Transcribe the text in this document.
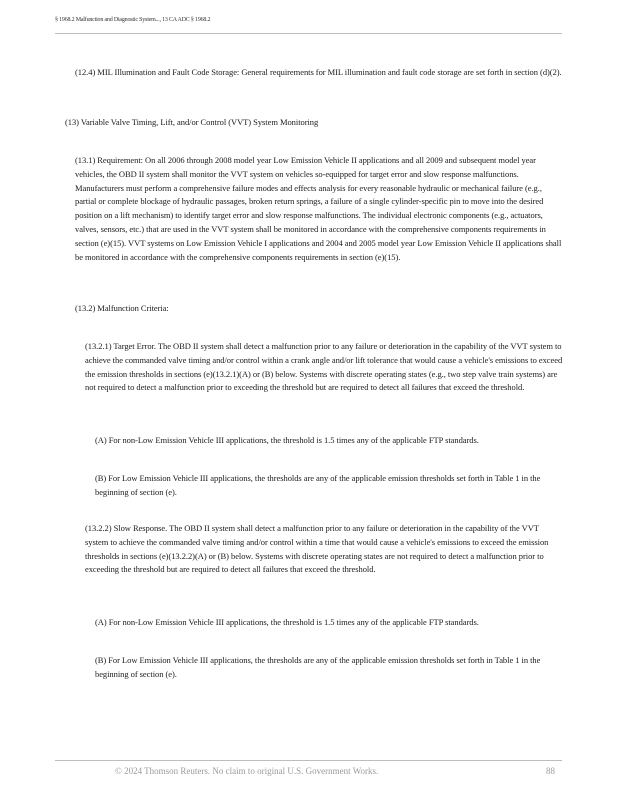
§ 1968.2 Malfunction and Diagnostic System..., 13 CA ADC § 1968.2

(12.4) MIL Illumination and Fault Code Storage: General requirements for MIL illumination and fault code storage are set forth in section (d)(2).

(13) Variable Valve Timing, Lift, and/or Control (VVT) System Monitoring

(13.1) Requirement: On all 2006 through 2008 model year Low Emission Vehicle II applications and all 2009 and subsequent model year vehicles, the OBD II system shall monitor the VVT system on vehicles so-equipped for target error and slow response malfunctions. Manufacturers must perform a comprehensive failure modes and effects analysis for every reasonable hydraulic or mechanical failure (e.g., partial or complete blockage of hydraulic passages, broken return springs, a failure of a single cylinder-specific pin to move into the desired position on a lift mechanism) to identify target error and slow response malfunctions. The individual electronic components (e.g., actuators, valves, sensors, etc.) that are used in the VVT system shall be monitored in accordance with the comprehensive components requirements in section (e)(15). VVT systems on Low Emission Vehicle I applications and 2004 and 2005 model year Low Emission Vehicle II applications shall be monitored in accordance with the comprehensive components requirements in section (e)(15).

(13.2) Malfunction Criteria:

(13.2.1) Target Error. The OBD II system shall detect a malfunction prior to any failure or deterioration in the capability of the VVT system to achieve the commanded valve timing and/or control within a crank angle and/or lift tolerance that would cause a vehicle's emissions to exceed the emission thresholds in sections (e)(13.2.1)(A) or (B) below. Systems with discrete operating states (e.g., two step valve train systems) are not required to detect a malfunction prior to exceeding the threshold but are required to detect all failures that exceed the threshold.

(A) For non-Low Emission Vehicle III applications, the threshold is 1.5 times any of the applicable FTP standards.

(B) For Low Emission Vehicle III applications, the thresholds are any of the applicable emission thresholds set forth in Table 1 in the beginning of section (e).

(13.2.2) Slow Response. The OBD II system shall detect a malfunction prior to any failure or deterioration in the capability of the VVT system to achieve the commanded valve timing and/or control within a time that would cause a vehicle's emissions to exceed the emission thresholds in sections (e)(13.2.2)(A) or (B) below. Systems with discrete operating states are not required to detect a malfunction prior to exceeding the threshold but are required to detect all failures that exceed the threshold.

(A) For non-Low Emission Vehicle III applications, the threshold is 1.5 times any of the applicable FTP standards.

(B) For Low Emission Vehicle III applications, the thresholds are any of the applicable emission thresholds set forth in Table 1 in the beginning of section (e).

© 2024 Thomson Reuters. No claim to original U.S. Government Works.	88
